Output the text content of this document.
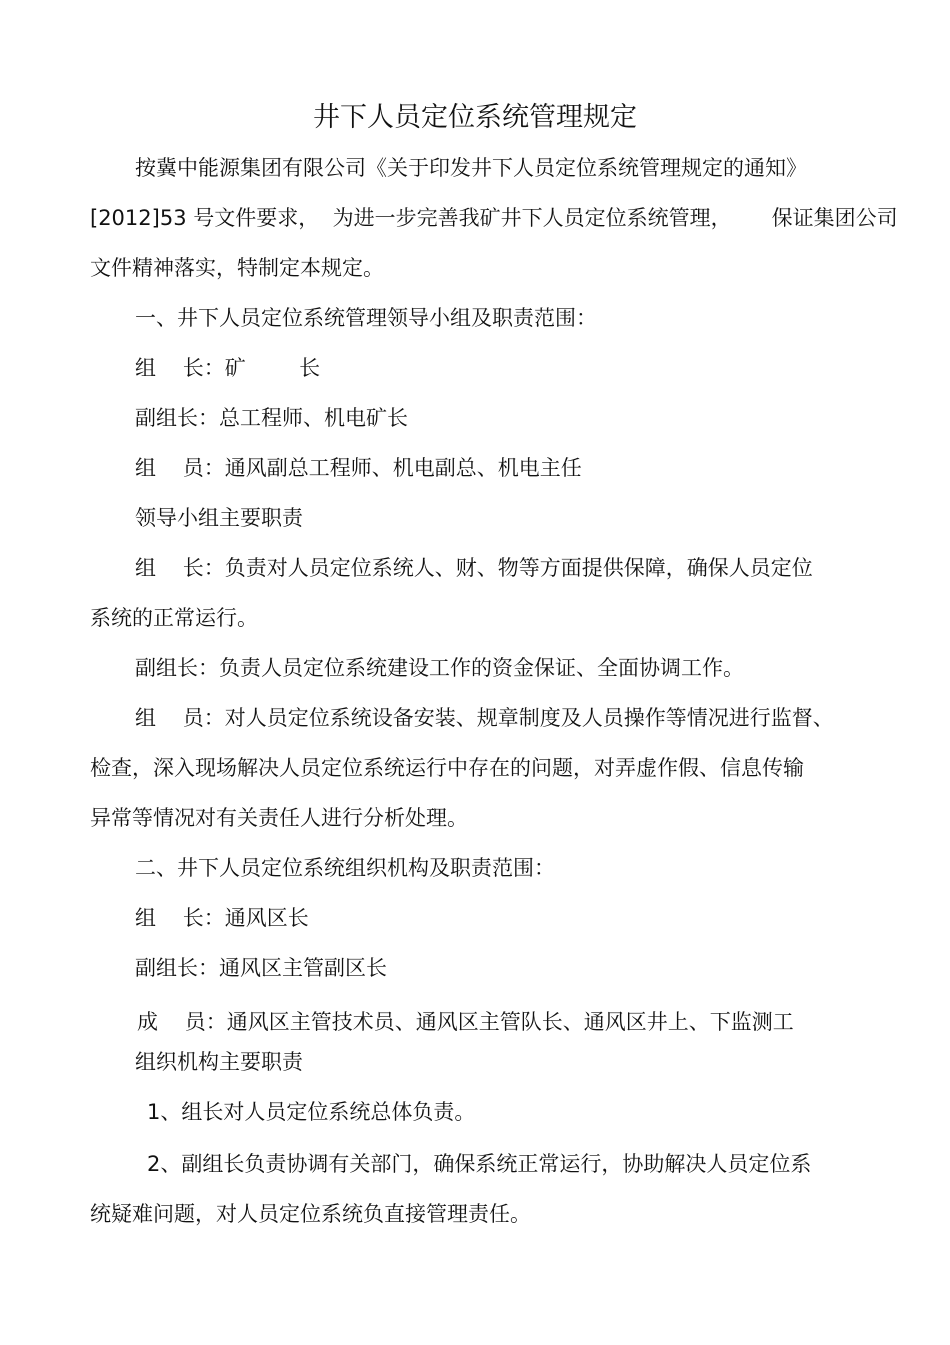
井下人员定位系统管理规定
按冀中能源集团有限公司《关于印发井下人员定位系统管理规定的通知》
[2012]53 号文件要求，  为进一步完善我矿井下人员定位系统管理，      保证集团公司
文件精神落实，特制定本规定。
一、井下人员定位系统管理领导小组及职责范围：
组    长：矿        长
副组长：总工程师、机电矿长
组    员：通风副总工程师、机电副总、机电主任
领导小组主要职责
组    长：负责对人员定位系统人、财、物等方面提供保障，确保人员定位
系统的正常运行。
副组长：负责人员定位系统建设工作的资金保证、全面协调工作。
组    员：对人员定位系统设备安装、规章制度及人员操作等情况进行监督、
检查，深入现场解决人员定位系统运行中存在的问题，对弄虚作假、信息传输
异常等情况对有关责任人进行分析处理。
二、井下人员定位系统组织机构及职责范围：
组    长：通风区长
副组长：通风区主管副区长
成    员：通风区主管技术员、通风区主管队长、通风区井上、下监测工
组织机构主要职责
1、组长对人员定位系统总体负责。
2、副组长负责协调有关部门，确保系统正常运行，协助解决人员定位系
统疑难问题，对人员定位系统负直接管理责任。
